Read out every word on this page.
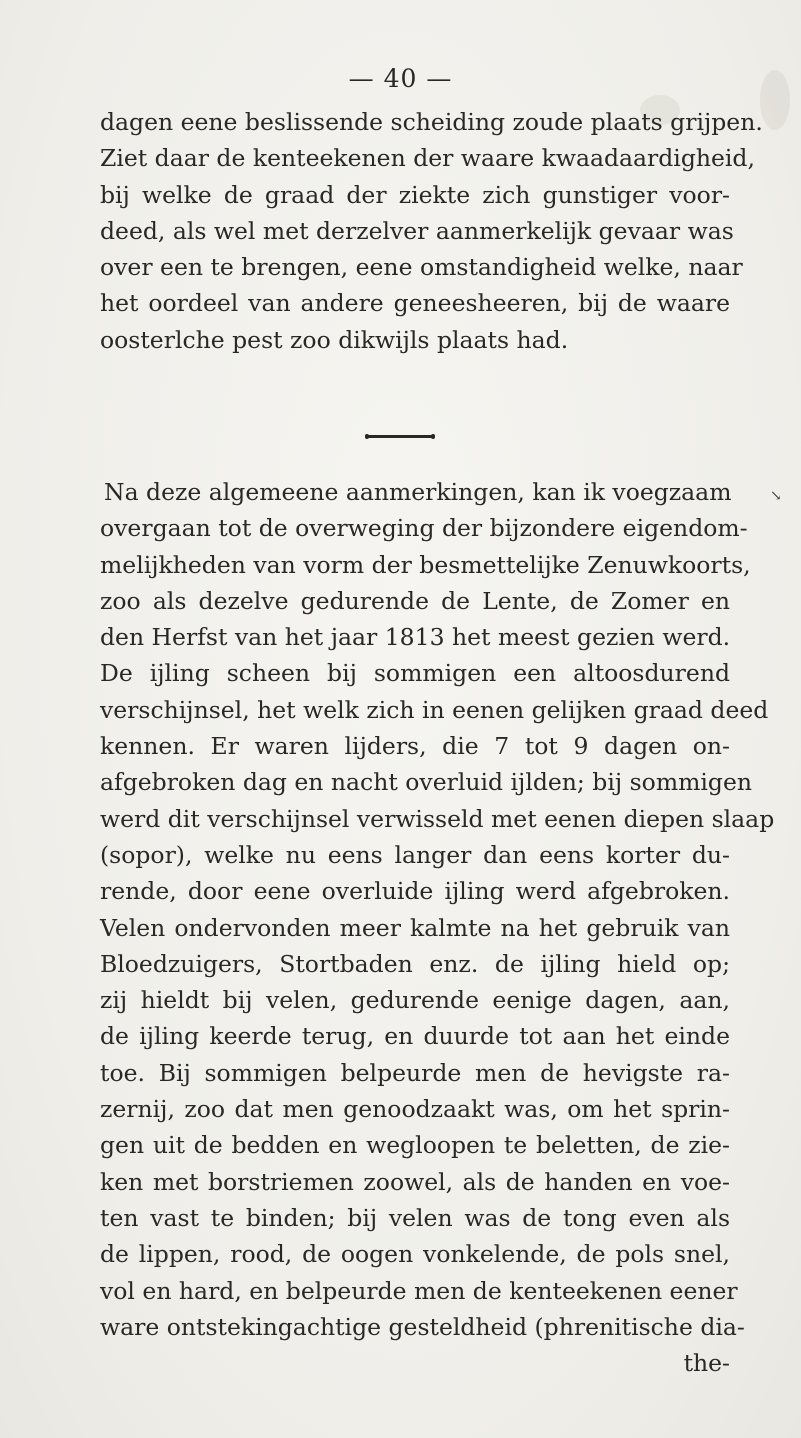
— 40 —
dagen eene beslissende scheiding zoude plaats grijpen.
Ziet daar de kenteekenen der waare kwaadaardigheid,
bij welke de graad der ziekte zich gunstiger voor-
deed, als wel met derzelver aanmerkelijk gevaar was
over een te brengen, eene omstandigheid welke, naar
het oordeel van andere geneesheeren, bij de waare
oosterlche pest zoo dikwijls plaats had.
↘
Na deze algemeene aanmerkingen, kan ik voegzaam
overgaan tot de overweging der bijzondere eigendom-
melijkheden van vorm der besmettelijke Zenuwkoorts,
zoo als dezelve gedurende de Lente, de Zomer en
den Herfst van het jaar 1813 het meest gezien werd.
De ijling scheen bij sommigen een altoosdurend
verschijnsel, het welk zich in eenen gelijken graad deed
kennen. Er waren lijders, die 7 tot 9 dagen on-
afgebroken dag en nacht overluid ijlden; bij sommigen
werd dit verschijnsel verwisseld met eenen diepen slaap
(sopor), welke nu eens langer dan eens korter du-
rende, door eene overluide ijling werd afgebroken.
Velen ondervonden meer kalmte na het gebruik van
Bloedzuigers, Stortbaden enz. de ijling hield op;
zij hieldt bij velen, gedurende eenige dagen, aan,
de ijling keerde terug, en duurde tot aan het einde
toe. Bij sommigen belpeurde men de hevigste ra-
zernij, zoo dat men genoodzaakt was, om het sprin-
gen uit de bedden en wegloopen te beletten, de zie-
ken met borstriemen zoowel, als de handen en voe-
ten vast te binden; bij velen was de tong even als
de lippen, rood, de oogen vonkelende, de pols snel,
vol en hard, en belpeurde men de kenteekenen eener
ware ontstekingachtige gesteldheid (phrenitische dia-
the-
